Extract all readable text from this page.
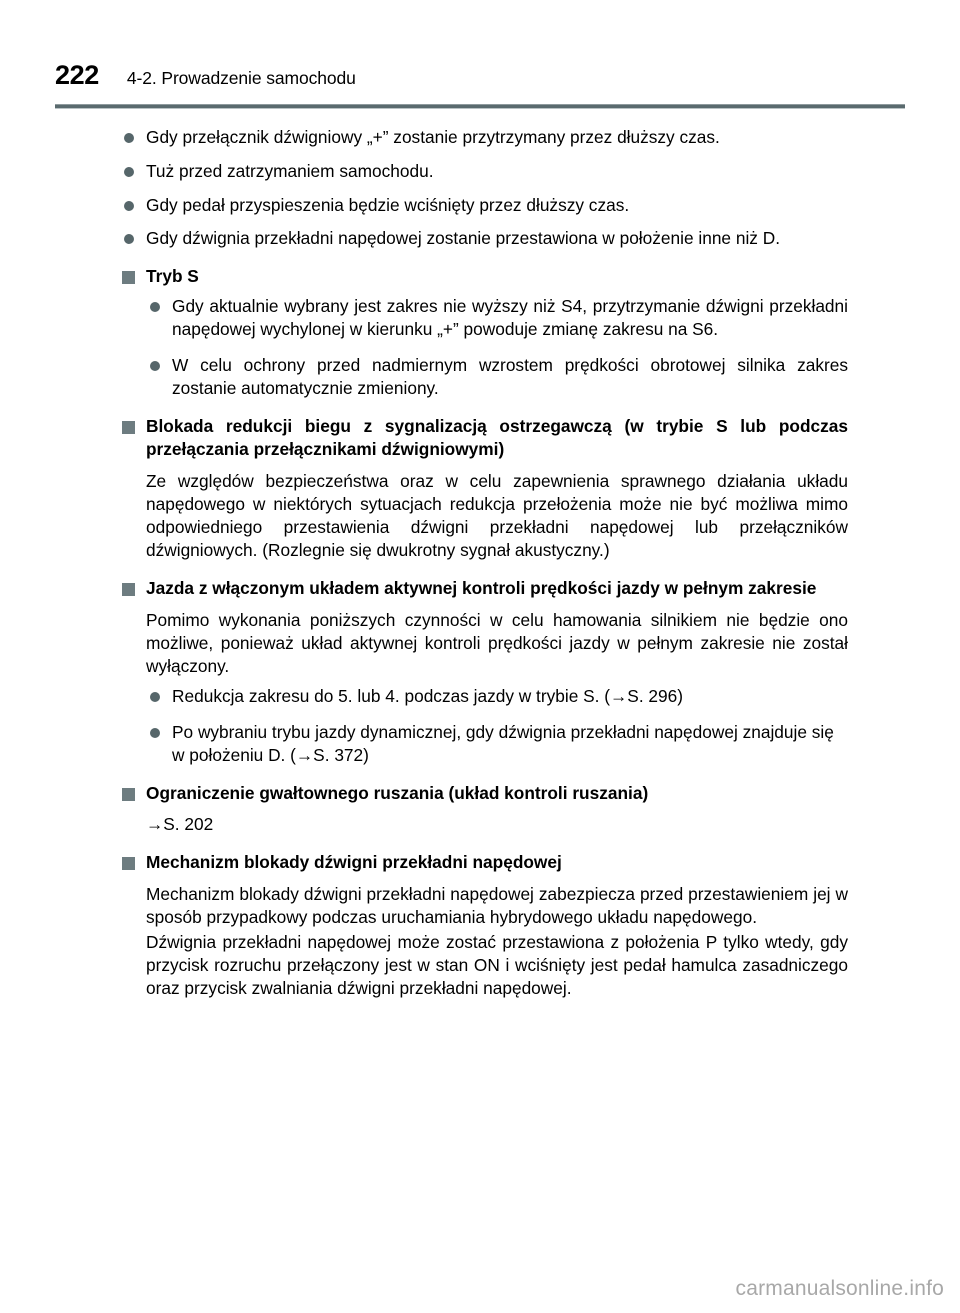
222 4-2. Prowadzenie samochodu
Gdy przełącznik dźwigniowy „+” zostanie przytrzymany przez dłuższy czas.
Tuż przed zatrzymaniem samochodu.
Gdy pedał przyspieszenia będzie wciśnięty przez dłuższy czas.
Gdy dźwignia przekładni napędowej zostanie przestawiona w położenie inne niż D.
Tryb S
Gdy aktualnie wybrany jest zakres nie wyższy niż S4, przytrzymanie dźwigni przekładni napędowej wychylonej w kierunku „+” powoduje zmianę zakresu na S6.
W celu ochrony przed nadmiernym wzrostem prędkości obrotowej silnika zakres zostanie automatycznie zmieniony.
Blokada redukcji biegu z sygnalizacją ostrzegawczą (w trybie S lub podczas przełączania przełącznikami dźwigniowymi)
Ze względów bezpieczeństwa oraz w celu zapewnienia sprawnego działania układu napędowego w niektórych sytuacjach redukcja przełożenia może nie być możliwa mimo odpowiedniego przestawienia dźwigni przekładni napędowej lub przełączników dźwigniowych. (Rozlegnie się dwukrotny sygnał akustyczny.)
Jazda z włączonym układem aktywnej kontroli prędkości jazdy w pełnym zakresie
Pomimo wykonania poniższych czynności w celu hamowania silnikiem nie będzie ono możliwe, ponieważ układ aktywnej kontroli prędkości jazdy w pełnym zakresie nie został wyłączony.
Redukcja zakresu do 5. lub 4. podczas jazdy w trybie S. (→S. 296)
Po wybraniu trybu jazdy dynamicznej, gdy dźwignia przekładni napędowej znajduje się w położeniu D. (→S. 372)
Ograniczenie gwałtownego ruszania (układ kontroli ruszania)
→S. 202
Mechanizm blokady dźwigni przekładni napędowej
Mechanizm blokady dźwigni przekładni napędowej zabezpiecza przed przestawieniem jej w sposób przypadkowy podczas uruchamiania hybrydowego układu napędowego.
Dźwignia przekładni napędowej może zostać przestawiona z położenia P tylko wtedy, gdy przycisk rozruchu przełączony jest w stan ON i wciśnięty jest pedał hamulca zasadniczego oraz przycisk zwalniania dźwigni przekładni napędowej.
carmanualsonline.info
